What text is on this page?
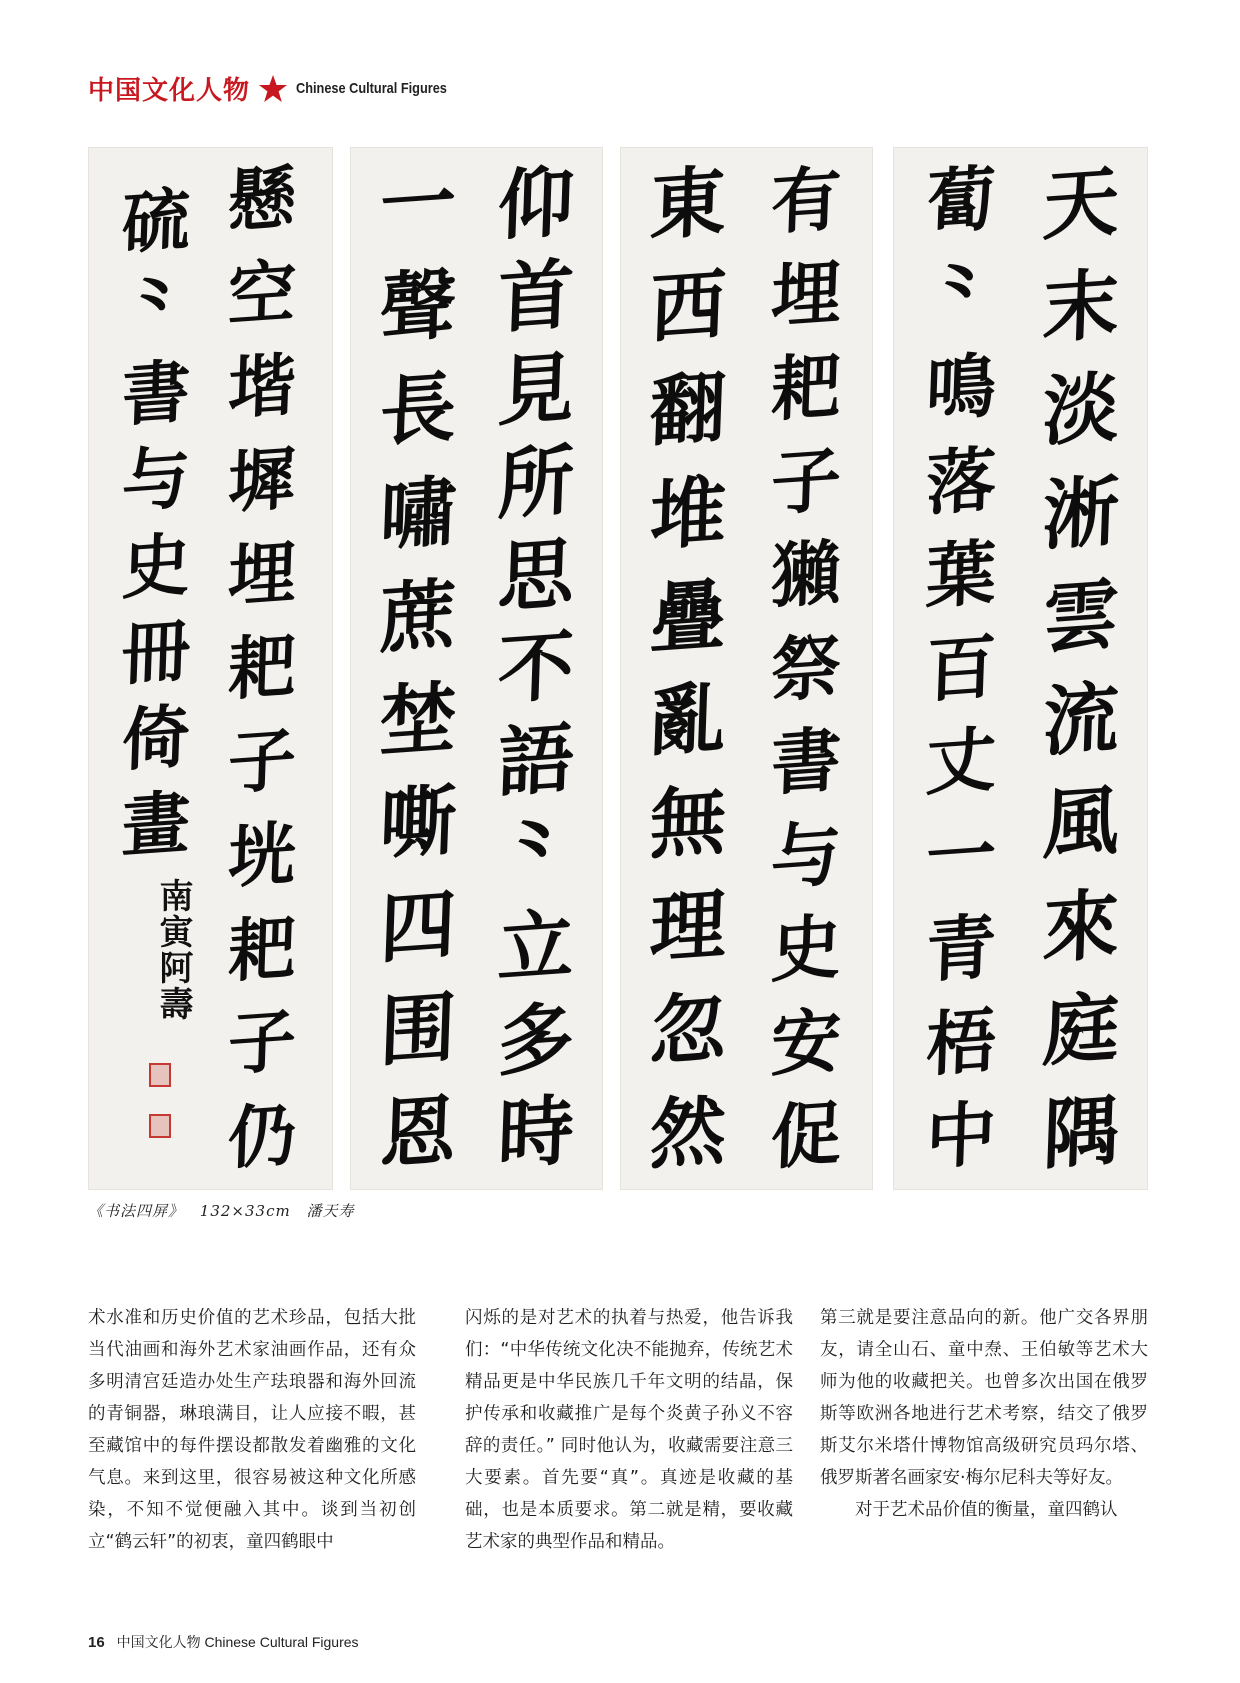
中国文化人物	Chinese Cultural Figures
硫
⺀
書
与
史
冊
倚
畫
懸
空
堦
墀
埋
耙
子
垙
耙
子
仍
南寅阿壽
一
聲
長
嘯
蔗
埜
嘶
四
围
恩
仰
首
見
所
思
不
語
⺀
立
多
時
東
西
翻
堆
疊
亂
無
理
忽
然
有
埋
耙
子
獺
祭
書
与
史
安
促
蔔
⺀
鳴
落
葉
百
丈
一
青
梧
中
天
末
淡
淅
雲
流
風
來
庭
隅
《书法四屏》 132×33cm 潘天寿

术水准和历史价值的艺术珍品，包括大批当代油画和海外艺术家油画作品，还有众多明清宫廷造办处生产珐琅器和海外回流的青铜器，琳琅满目，让人应接不暇，甚至藏馆中的每件摆设都散发着幽雅的文化气息。来到这里，很容易被这种文化所感染，不知不觉便融入其中。谈到当初创立“鹤云轩”的初衷，童四鹤眼中

闪烁的是对艺术的执着与热爱，他告诉我们：“中华传统文化决不能抛弃，传统艺术精品更是中华民族几千年文明的结晶，保护传承和收藏推广是每个炎黄子孙义不容辞的责任。” 同时他认为，收藏需要注意三大要素。首先要“真”。真迹是收藏的基础，也是本质要求。第二就是精，要收藏艺术家的典型作品和精品。

第三就是要注意品向的新。他广交各界朋友，请全山石、童中焘、王伯敏等艺术大师为他的收藏把关。也曾多次出国在俄罗斯等欧洲各地进行艺术考察，结交了俄罗斯艾尔米塔什博物馆高级研究员玛尔塔、俄罗斯著名画家安·梅尔尼科夫等好友。

对于艺术品价值的衡量，童四鹤认

16 中国文化人物 Chinese Cultural Figures
